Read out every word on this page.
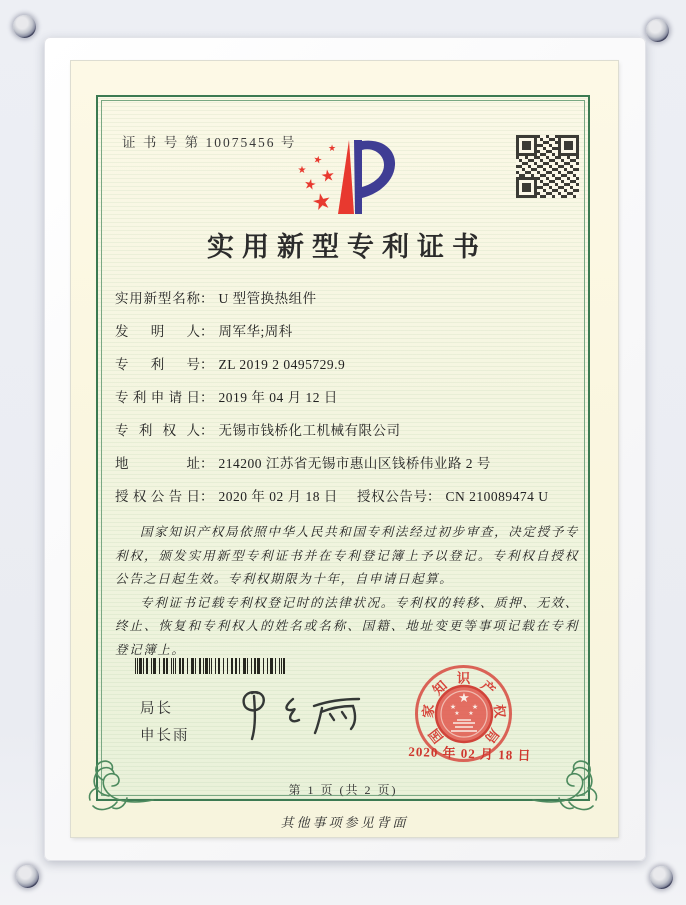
证 书 号 第 10075456 号
★
★ ★
★
★
★
实用新型专利证书
实用新型名称： U 型管换热组件
发明人： 周军华;周科
专利号： ZL 2019 2 0495729.9
专利申请日： 2019 年 04 月 12 日
专利权人： 无锡市钱桥化工机械有限公司
地址： 214200 江苏省无锡市惠山区钱桥伟业路 2 号
授权公告日： 2020 年 02 月 18 日 授权公告号： CN 210089474 U

国家知识产权局依照中华人民共和国专利法经过初步审查，决定授予专利权，颁发实用新型专利证书并在专利登记簿上予以登记。专利权自授权公告之日起生效。专利权期限为十年，自申请日起算。

专利证书记载专利权登记时的法律状况。专利权的转移、质押、无效、终止、恢复和专利权人的姓名或名称、国籍、地址变更等事项记载在专利登记簿上。

局长
申长雨
★
★ ★
★ ★
国
家
知 识 产
权
局
2020 年 02 月 18 日
第 1 页 (共 2 页)
其他事项参见背面
